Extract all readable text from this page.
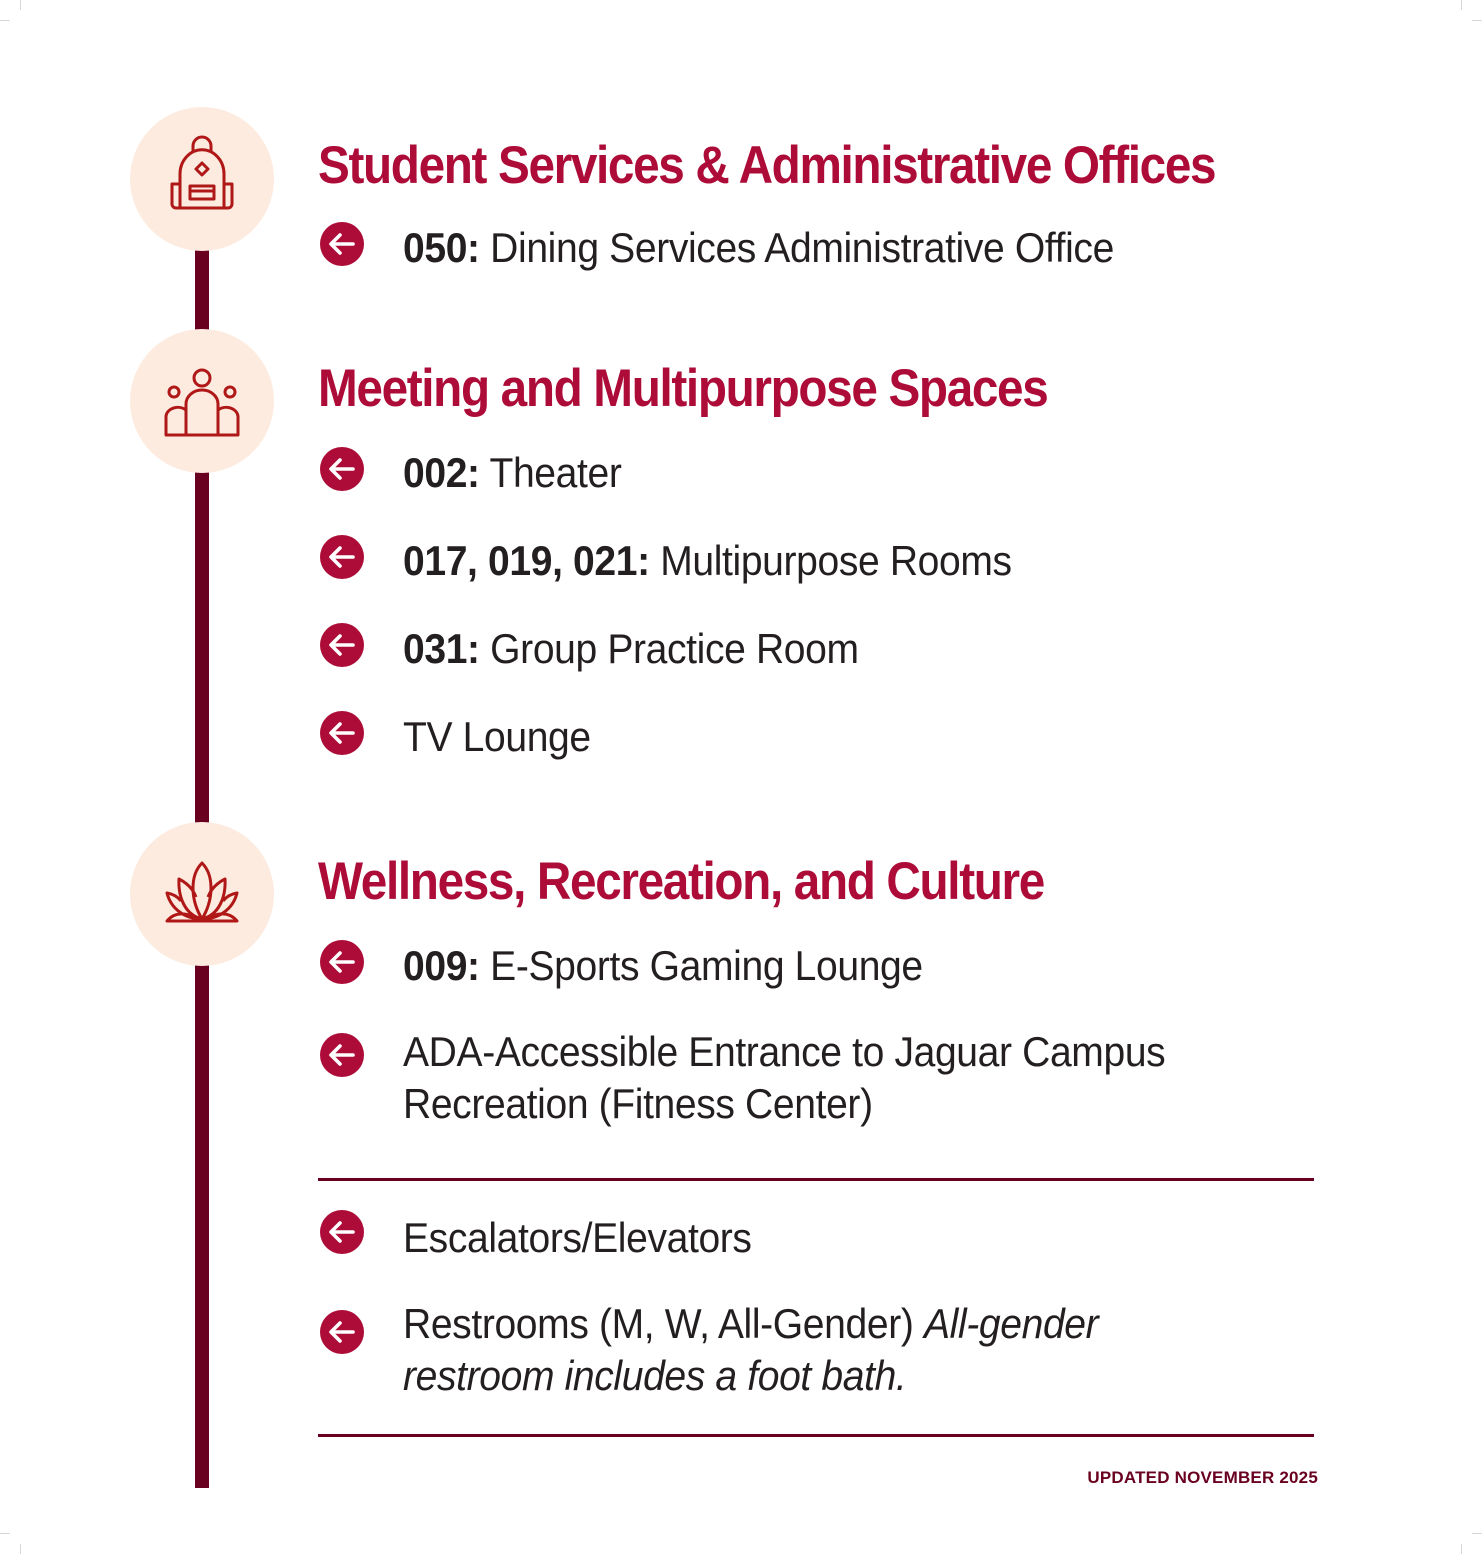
Student Services & Administrative Offices
050: Dining Services Administrative Office
Meeting and Multipurpose Spaces
002: Theater
017, 019, 021: Multipurpose Rooms
031: Group Practice Room
TV Lounge
Wellness, Recreation, and Culture
009: E-Sports Gaming Lounge
ADA-Accessible Entrance to Jaguar Campus Recreation (Fitness Center)
Escalators/Elevators
Restrooms (M, W, All-Gender) All-gender restroom includes a foot bath.
UPDATED NOVEMBER 2025
